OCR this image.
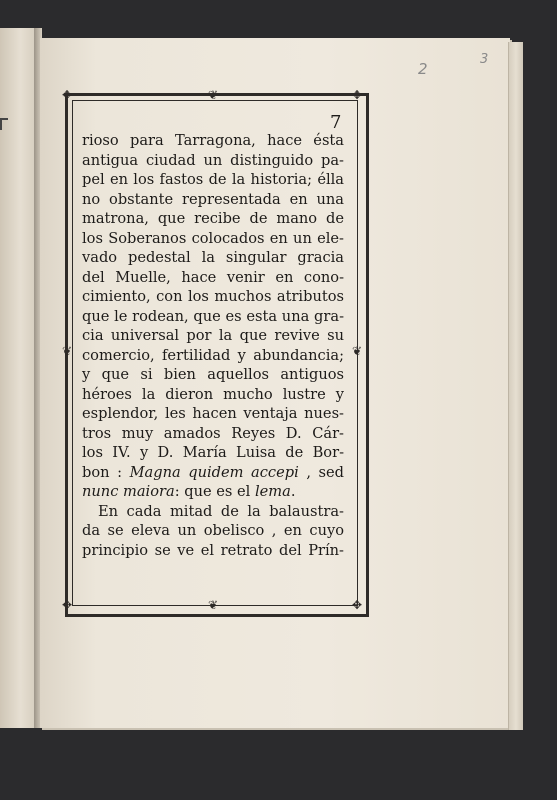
2
3
✥	✥
✥	✥
❦
❦
❦	❦
7
rioso para Tarragona, hace ésta
antigua ciudad un distinguido pa-
pel en los fastos de la historia; élla
no obstante representada en una
matrona, que recibe de mano de
los Soberanos colocados en un ele-
vado pedestal la singular gracia
del Muelle, hace venir en cono-
cimiento, con los muchos atributos
que le rodean, que es esta una gra-
cia universal por la que revive su
comercio, fertilidad y abundancia;
y que si bien aquellos antiguos
héroes la dieron mucho lustre y
esplendor, les hacen ventaja nues-
tros muy amados Reyes D. Cár-
los IV. y D. María Luisa de Bor-
bon : Magna quidem accepi , sed
nunc maiora: que es el lema.
En cada mitad de la balaustra-
da se eleva un obelisco , en cuyo
principio se ve el retrato del Prín-
